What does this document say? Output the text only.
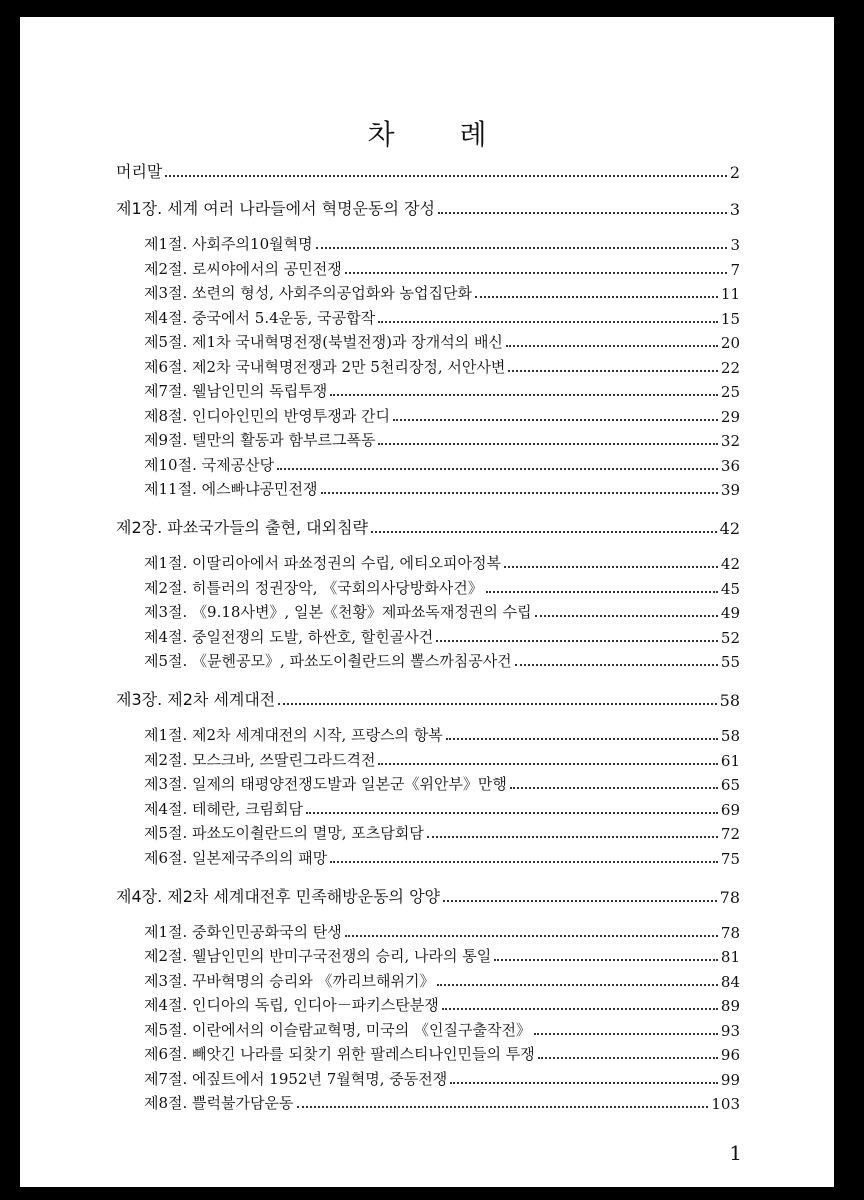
차 례
머리말	2
제1장. 세계 여러 나라들에서 혁명운동의 장성	3
제1절. 사회주의10월혁명	3
제2절. 로씨야에서의 공민전쟁	7
제3절. 쏘련의 형성, 사회주의공업화와 농업집단화	11
제4절. 중국에서 5.4운동, 국공합작	15
제5절. 제1차 국내혁명전쟁(북벌전쟁)과 장개석의 배신	20
제6절. 제2차 국내혁명전쟁과 2만 5천리장정, 서안사변	22
제7절. 웰남인민의 독립투쟁	25
제8절. 인디아인민의 반영투쟁과 간디	29
제9절. 텔만의 활동과 함부르그폭동	32
제10절. 국제공산당	36
제11절. 에스빠냐공민전쟁	39
제2장. 파쑈국가들의 출현, 대외침략	42
제1절. 이딸리아에서 파쑈정권의 수립, 에티오피아정복	42
제2절. 히틀러의 정권장악, 《국회의사당방화사건》	45
제3절. 《9.18사변》, 일본《천황》제파쑈독재정권의 수립	49
제4절. 중일전쟁의 도발, 하싼호, 할힌골사건	52
제5절. 《뮨헨공모》, 파쑈도이췰란드의 뽈스까침공사건	55
제3장. 제2차 세계대전	58
제1절. 제2차 세계대전의 시작, 프랑스의 항복	58
제2절. 모스크바, 쓰딸린그라드격전	61
제3절. 일제의 태평양전쟁도발과 일본군《위안부》만행	65
제4절. 테헤란, 크림회담	69
제5절. 파쑈도이췰란드의 멸망, 포츠담회담	72
제6절. 일본제국주의의 패망	75
제4장. 제2차 세계대전후 민족해방운동의 앙양	78
제1절. 중화인민공화국의 탄생	78
제2절. 웰남인민의 반미구국전쟁의 승리, 나라의 통일	81
제3절. 꾸바혁명의 승리와 《까리브해위기》	84
제4절. 인디아의 독립, 인디아－파키스탄분쟁	89
제5절. 이란에서의 이슬람교혁명, 미국의 《인질구출작전》	93
제6절. 빼앗긴 나라를 되찾기 위한 팔레스티나인민들의 투쟁	96
제7절. 에짚트에서 1952년 7월혁명, 중동전쟁	99
제8절. 쁠럭불가담운동	103
1
